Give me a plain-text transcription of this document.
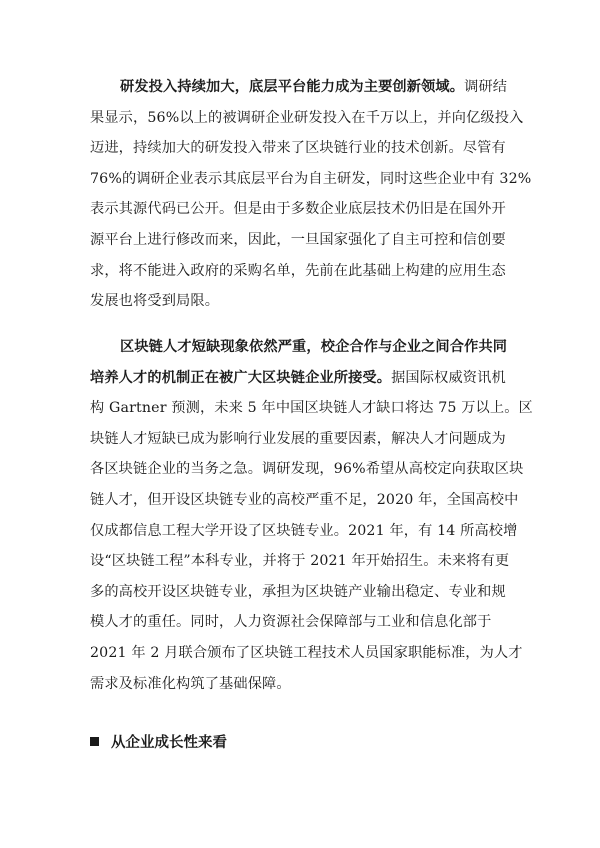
研发投入持续加大，底层平台能力成为主要创新领域。调研结
果显示，56%以上的被调研企业研发投入在千万以上，并向亿级投入
迈进，持续加大的研发投入带来了区块链行业的技术创新。尽管有
76%的调研企业表示其底层平台为自主研发，同时这些企业中有 32%
表示其源代码已公开。但是由于多数企业底层技术仍旧是在国外开
源平台上进行修改而来，因此，一旦国家强化了自主可控和信创要
求，将不能进入政府的采购名单，先前在此基础上构建的应用生态
发展也将受到局限。
区块链人才短缺现象依然严重，校企合作与企业之间合作共同
培养人才的机制正在被广大区块链企业所接受。据国际权威资讯机
构 Gartner 预测，未来 5 年中国区块链人才缺口将达 75 万以上。区
块链人才短缺已成为影响行业发展的重要因素，解决人才问题成为
各区块链企业的当务之急。调研发现，96%希望从高校定向获取区块
链人才，但开设区块链专业的高校严重不足，2020 年，全国高校中
仅成都信息工程大学开设了区块链专业。2021 年，有 14 所高校增
设“区块链工程”本科专业，并将于 2021 年开始招生。未来将有更
多的高校开设区块链专业，承担为区块链产业输出稳定、专业和规
模人才的重任。同时，人力资源社会保障部与工业和信息化部于
2021 年 2 月联合颁布了区块链工程技术人员国家职能标准，为人才
需求及标准化构筑了基础保障。
从企业成长性来看
